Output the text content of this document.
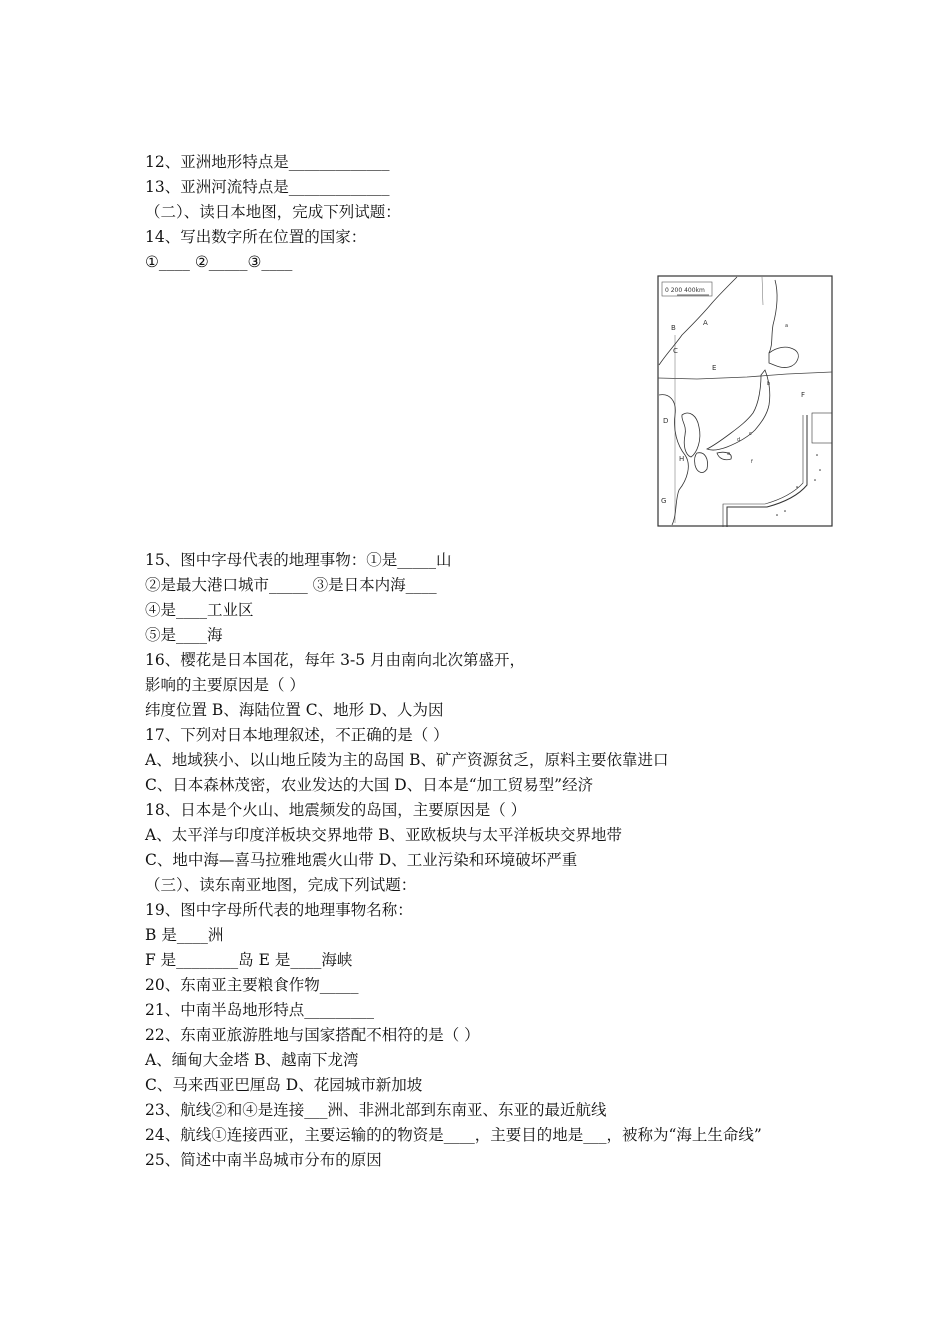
12、亚洲地形特点是_____________
13、亚洲河流特点是_____________
（二）、读日本地图，完成下列试题：
14、写出数字所在位置的国家：
①____ ②_____③____
0 200 400km
A
B
C
D
E
F
G
H
a
b
c
d
e
f
15、图中字母代表的地理事物：①是_____山
②是最大港口城市_____ ③是日本内海____
④是____工业区
⑤是____海
16、樱花是日本国花，每年 3-5 月由南向北次第盛开，
影响的主要原因是（ ）
纬度位置 B、海陆位置 C、地形 D、人为因
17、下列对日本地理叙述，不正确的是（ ）
A、地域狭小、以山地丘陵为主的岛国 B、矿产资源贫乏，原料主要依靠进口
C、日本森林茂密，农业发达的大国 D、日本是“加工贸易型”经济
18、日本是个火山、地震频发的岛国，主要原因是（ ）
A、太平洋与印度洋板块交界地带 B、亚欧板块与太平洋板块交界地带
C、地中海—喜马拉雅地震火山带 D、工业污染和环境破坏严重
（三）、读东南亚地图，完成下列试题：
19、图中字母所代表的地理事物名称：
B 是____洲
F 是________岛 E 是____海峡
20、东南亚主要粮食作物_____
21、中南半岛地形特点_________
22、东南亚旅游胜地与国家搭配不相符的是（ ）
A、缅甸大金塔 B、越南下龙湾
C、马来西亚巴厘岛 D、花园城市新加坡
23、航线②和④是连接___洲、非洲北部到东南亚、东亚的最近航线
24、航线①连接西亚，主要运输的的物资是____，主要目的地是___，被称为“海上生命线”
25、简述中南半岛城市分布的原因
